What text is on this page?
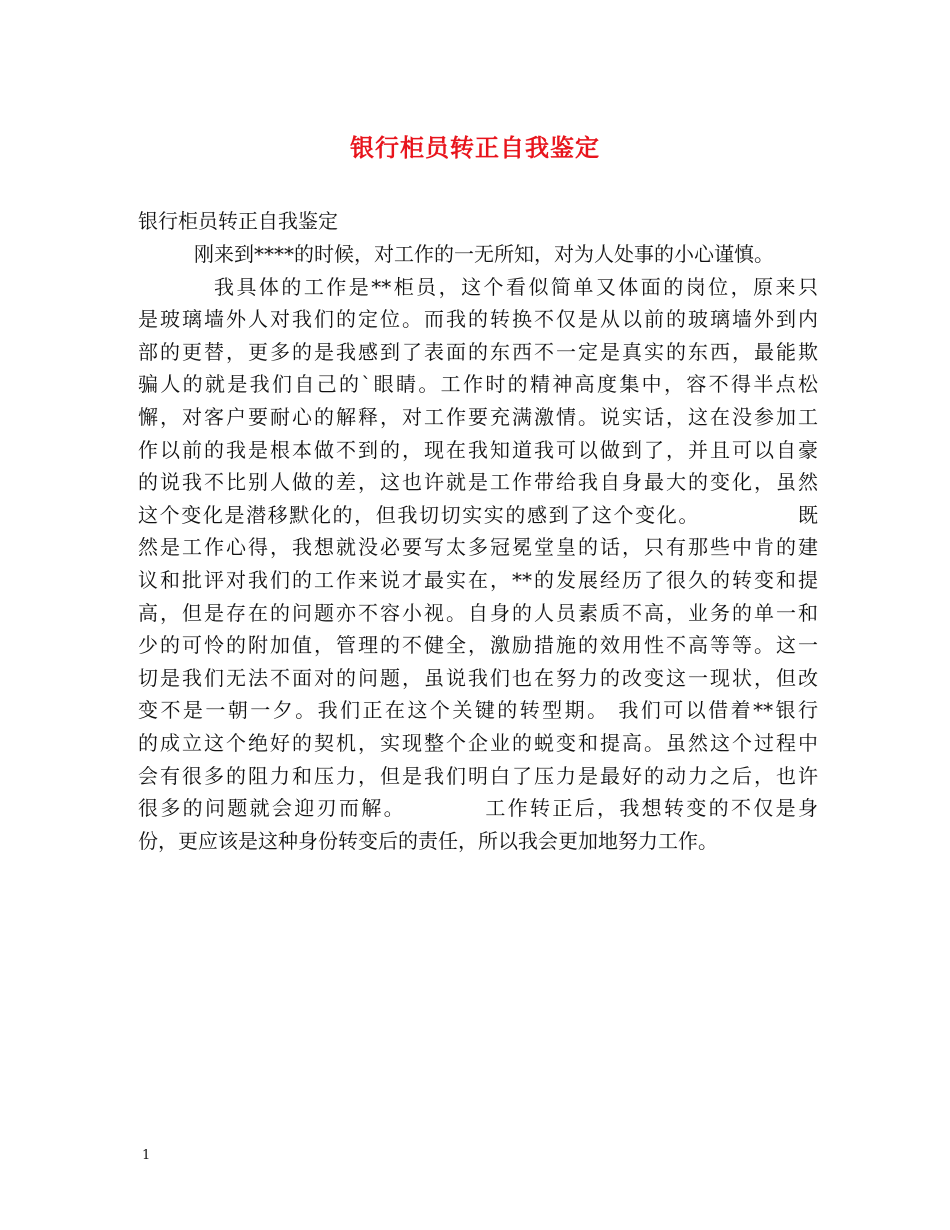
银行柜员转正自我鉴定
银行柜员转正自我鉴定
刚来到****的时候，对工作的一无所知，对为人处事的小心谨慎。
我具体的工作是**柜员，这个看似简单又体面的岗位，原来只
是玻璃墙外人对我们的定位。而我的转换不仅是从以前的玻璃墙外到内
部的更替，更多的是我感到了表面的东西不一定是真实的东西，最能欺
骗人的就是我们自己的`眼睛。工作时的精神高度集中，容不得半点松
懈，对客户要耐心的解释，对工作要充满激情。说实话，这在没参加工
作以前的我是根本做不到的，现在我知道我可以做到了，并且可以自豪
的说我不比别人做的差，这也许就是工作带给我自身最大的变化，虽然
这个变化是潜移默化的，但我切切实实的感到了这个变化。　　　　　既
然是工作心得，我想就没必要写太多冠冕堂皇的话，只有那些中肯的建
议和批评对我们的工作来说才最实在，**的发展经历了很久的转变和提
高，但是存在的问题亦不容小视。自身的人员素质不高，业务的单一和
少的可怜的附加值，管理的不健全，激励措施的效用性不高等等。这一
切是我们无法不面对的问题，虽说我们也在努力的改变这一现状，但改
变不是一朝一夕。我们正在这个关键的转型期。 我们可以借着**银行
的成立这个绝好的契机，实现整个企业的蜕变和提高。虽然这个过程中
会有很多的阻力和压力，但是我们明白了压力是最好的动力之后，也许
很多的问题就会迎刃而解。　　　　工作转正后，我想转变的不仅是身
份，更应该是这种身份转变后的责任，所以我会更加地努力工作。
1
